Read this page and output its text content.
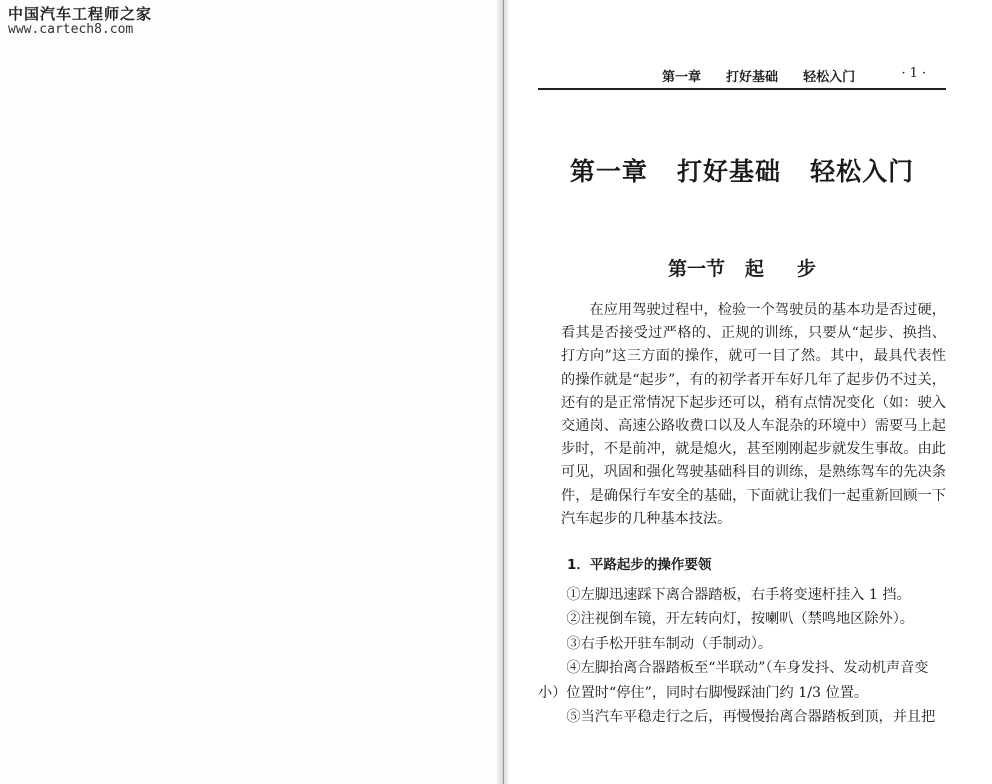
中国汽车工程师之家
www.cartech8.com
第一章  打好基础  轻松入门	·1·
第一章   打好基础   轻松入门
第一节   起     步

在应用驾驶过程中，检验一个驾驶员的基本功是否过硬，看其是否接受过严格的、正规的训练，只要从“起步、换挡、打方向”这三方面的操作，就可一目了然。其中，最具代表性的操作就是“起步”，有的初学者开车好几年了起步仍不过关，还有的是正常情况下起步还可以，稍有点情况变化（如：驶入交通岗、高速公路收费口以及人车混杂的环境中）需要马上起步时，不是前冲，就是熄火，甚至刚刚起步就发生事故。由此可见，巩固和强化驾驶基础科目的训练，是熟练驾车的先决条件，是确保行车安全的基础，下面就让我们一起重新回顾一下汽车起步的几种基本技法。

1．平路起步的操作要领

①左脚迅速踩下离合器踏板，右手将变速杆挂入 1 挡。

②注视倒车镜，开左转向灯，按喇叭（禁鸣地区除外）。

③右手松开驻车制动（手制动）。

④左脚抬离合器踏板至“半联动”（车身发抖、发动机声音变小）位置时“停住”，同时右脚慢踩油门约 1/3 位置。

⑤当汽车平稳走行之后，再慢慢抬离合器踏板到顶，并且把
